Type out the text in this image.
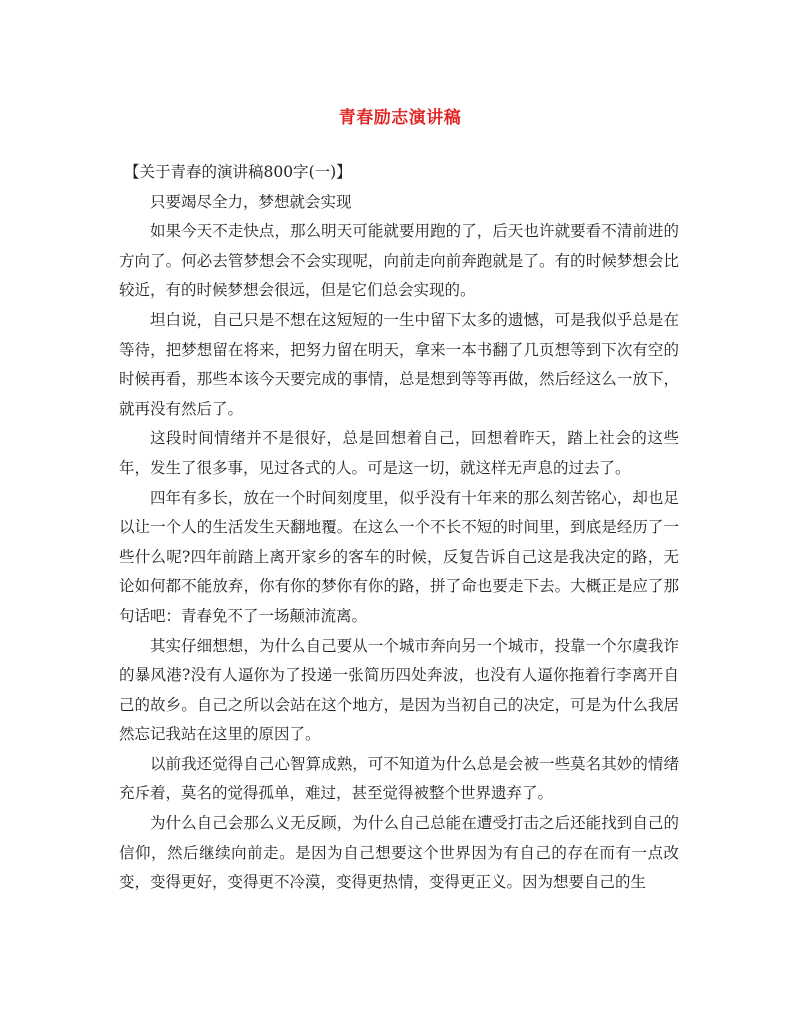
青春励志演讲稿

【关于青春的演讲稿800字(一)】

只要竭尽全力，梦想就会实现

如果今天不走快点，那么明天可能就要用跑的了，后天也许就要看不清前进的方向了。何必去管梦想会不会实现呢，向前走向前奔跑就是了。有的时候梦想会比较近，有的时候梦想会很远，但是它们总会实现的。

坦白说，自己只是不想在这短短的一生中留下太多的遗憾，可是我似乎总是在等待，把梦想留在将来，把努力留在明天，拿来一本书翻了几页想等到下次有空的时候再看，那些本该今天要完成的事情，总是想到等等再做，然后经这么一放下，就再没有然后了。

这段时间情绪并不是很好，总是回想着自己，回想着昨天，踏上社会的这些年，发生了很多事，见过各式的人。可是这一切，就这样无声息的过去了。

四年有多长，放在一个时间刻度里，似乎没有十年来的那么刻苦铭心，却也足以让一个人的生活发生天翻地覆。在这么一个不长不短的时间里，到底是经历了一些什么呢?四年前踏上离开家乡的客车的时候，反复告诉自己这是我决定的路，无论如何都不能放弃，你有你的梦你有你的路，拼了命也要走下去。大概正是应了那句话吧：青春免不了一场颠沛流离。

其实仔细想想，为什么自己要从一个城市奔向另一个城市，投靠一个尔虞我诈的暴风港?没有人逼你为了投递一张简历四处奔波，也没有人逼你拖着行李离开自己的故乡。自己之所以会站在这个地方，是因为当初自己的决定，可是为什么我居然忘记我站在这里的原因了。

以前我还觉得自己心智算成熟，可不知道为什么总是会被一些莫名其妙的情绪充斥着，莫名的觉得孤单，难过，甚至觉得被整个世界遗弃了。

为什么自己会那么义无反顾，为什么自己总能在遭受打击之后还能找到自己的信仰，然后继续向前走。是因为自己想要这个世界因为有自己的存在而有一点改变，变得更好，变得更不冷漠，变得更热情，变得更正义。因为想要自己的生
